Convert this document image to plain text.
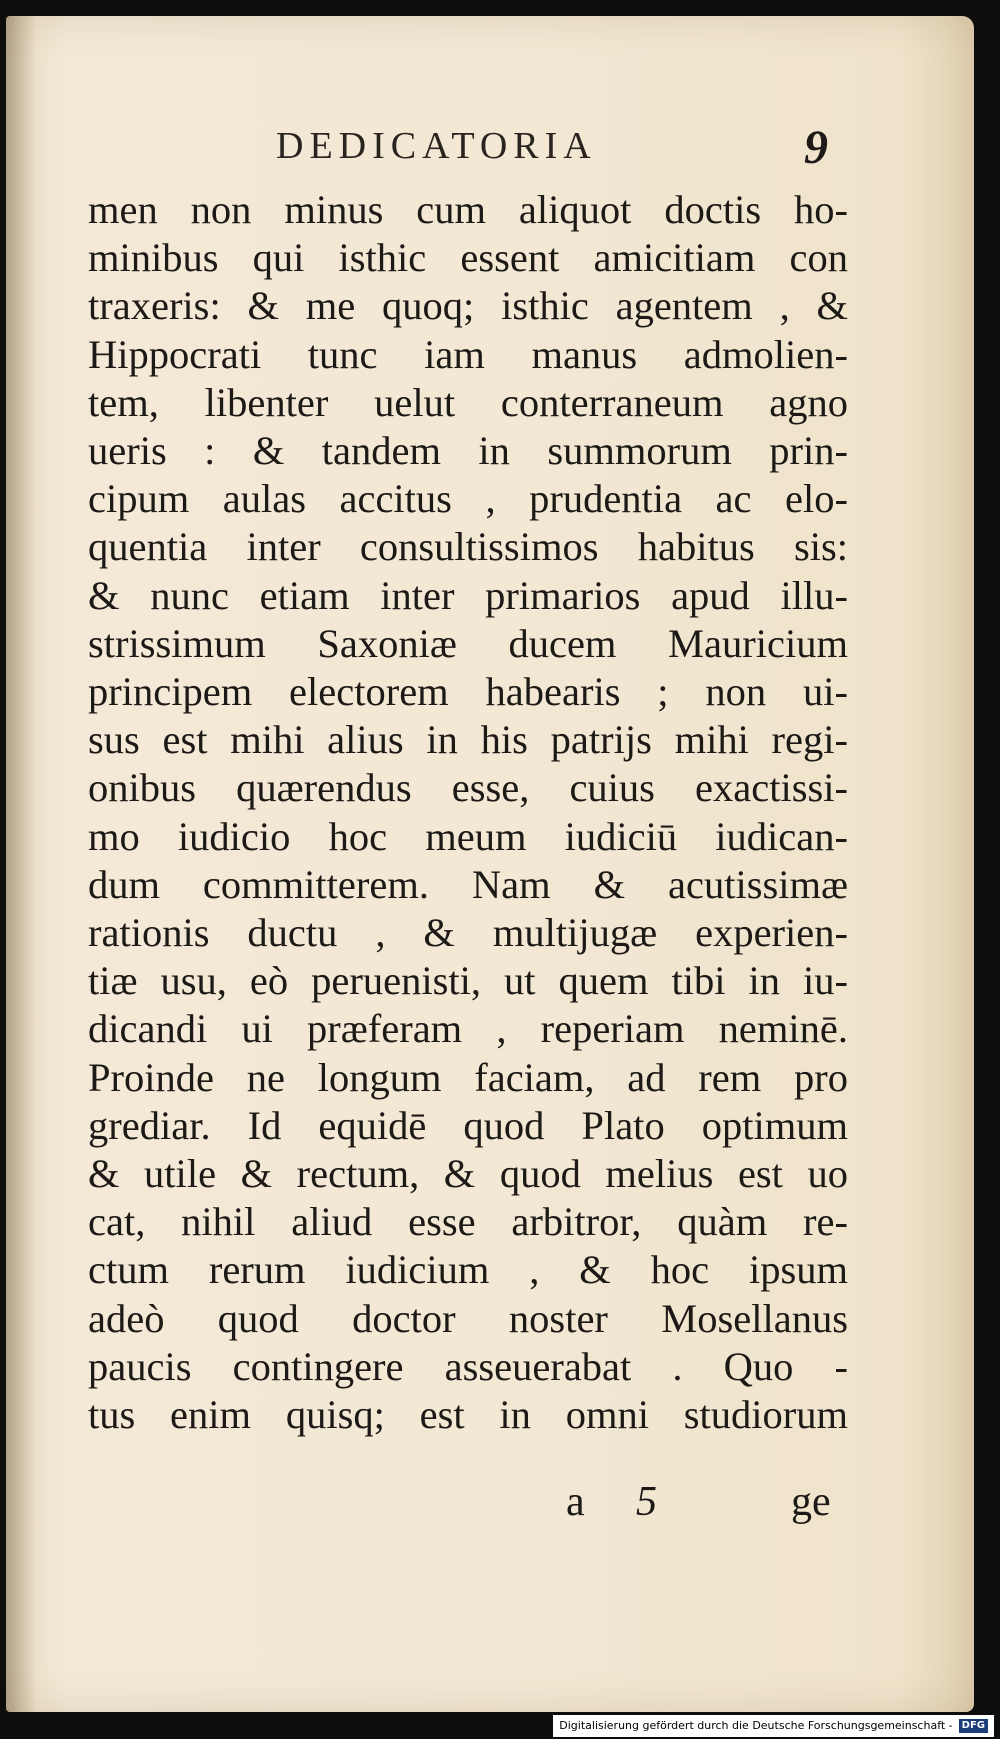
DEDICATORIA	9
men non minus cum aliquot doctis ho-
minibus qui isthic essent amicitiam con
traxeris: & me quoq; isthic agentem , &
Hippocrati tunc iam manus admolien-
tem, libenter uelut conterraneum agno
ueris : & tandem in summorum prin-
cipum aulas accitus , prudentia ac elo-
quentia inter consultissimos habitus sis:
& nunc etiam inter primarios apud illu-
strissimum Saxoniæ ducem Mauricium
principem electorem habearis ; non ui-
sus est mihi alius in his patrijs mihi regi-
onibus quærendus esse, cuius exactissi-
mo iudicio hoc meum iudiciū iudican-
dum committerem. Nam & acutissimæ
rationis ductu , & multijugæ experien-
tiæ usu, eò peruenisti, ut quem tibi in iu-
dicandi ui præferam , reperiam neminē.
Proinde ne longum faciam, ad rem pro
grediar. Id equidē quod Plato optimum
& utile & rectum, & quod melius est uo
cat, nihil aliud esse arbitror, quàm re-
ctum rerum iudicium , & hoc ipsum
adeò quod doctor noster Mosellanus
paucis contingere asseuerabat . Quo -
tus enim quisq; est in omni studiorum
a 5	ge
Digitalisierung gefördert durch die Deutsche Forschungsgemeinschaft - DFG
